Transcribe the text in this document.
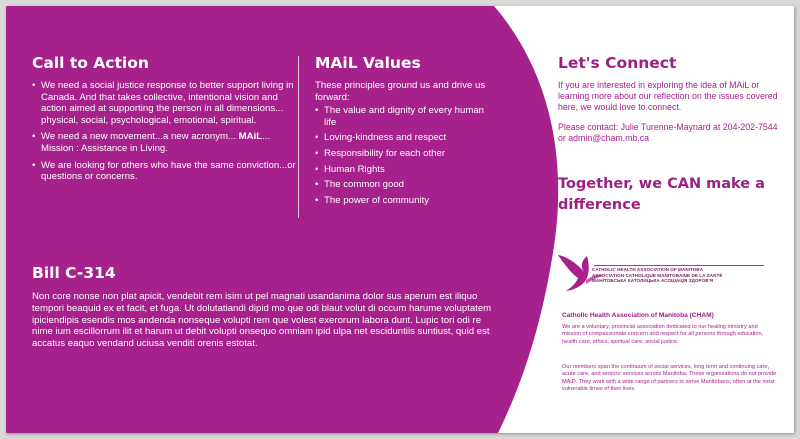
Call to Action
• We need a social justice response to better support living in Canada. And that takes collective, intentional vision and action aimed at supporting the person in all dimensions... physical, social, psychological, emotional, spiritual.
• We need a new movement...a new acronym... MAiL... Mission : Assistance in Living.
• We are looking for others who have the same conviction...or questions or concerns.
MAiL Values
These principles ground us and drive us forward:
• The value and dignity of every human life
• Loving-kindness and respect
• Responsibility for each other
• Human Rights
• The common good
• The power of community
Bill C-314

Non core nonse non plat apicit, vendebit rem isim ut pel magnati usandanima dolor sus aperum est iliquo tempori beaquid ex et facit, et fuga. Ut dolutatiandi dipid mo que odi blaut volut di occum harume voluptatem ipiciendipis esendis mos andenda nonseque volupti rem que volest exerorum labora dunt. Lupic tori odi re nime ium escillorrum ilit et harum ut debit volupti onsequo omniam ipid ulpa net esciduntiis suntiust, quid est accatus eaquo vendand uciusa venditi orenis estotat.

Let's Connect
If you are interested in exploring the idea of MAiL or learning more about our reflection on the issues covered here, we would love to connect.
Please contact: Julie Turenne-Maynard at 204-202-7544 or admin@cham.mb.ca
Together, we CAN make a difference
CATHOLIC HEALTH ASSOCIATION OF MANITOBA
ASSOCIATION CATHOLIQUE MANITOBAINE DE LA SANTÉ
МАНІТОБСЬКА КАТОЛИЦЬКА АСОЦІАЦІЯ ЗДОРОВ'Я
Catholic Health Association of Manitoba (CHAM)
We are a voluntary, provincial association dedicated to our healing ministry and mission of compassionate concern and respect for all persons through education, health care, ethics, spiritual care, social justice.
Our members span the continuum of social services, long term and continuing care, acute care, and seniors' services across Manitoba. These organizations do not provide MAiD. They work with a wide range of partners to serve Manitobans, often at the most vulnerable times of their lives.
